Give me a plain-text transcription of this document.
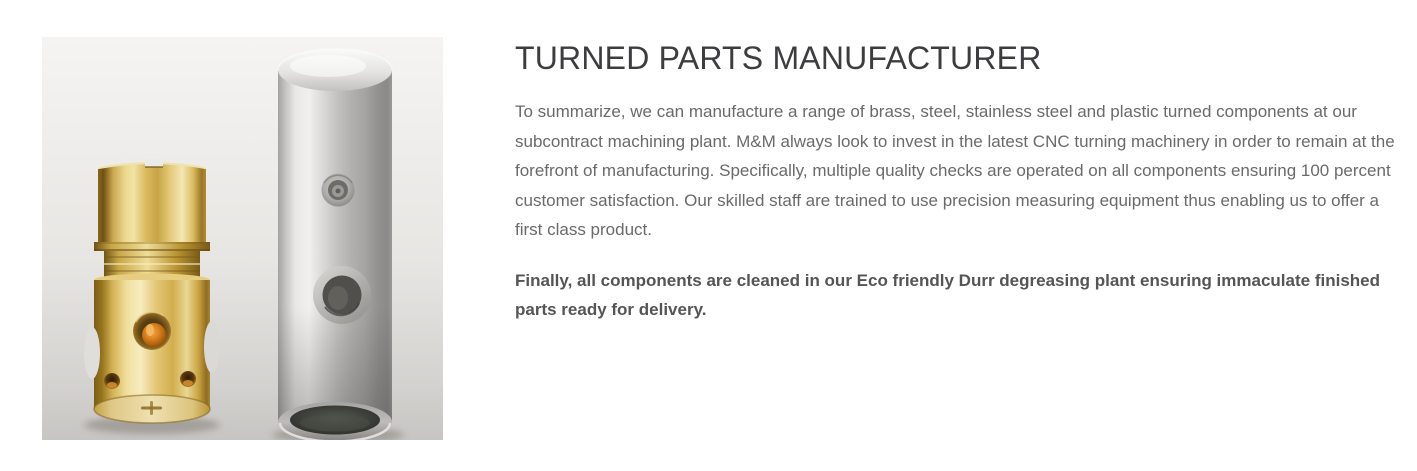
TURNED PARTS MANUFACTURER

To summarize, we can manufacture a range of brass, steel, stainless steel and plastic turned components at our subcontract machining plant. M&M always look to invest in the latest CNC turning machinery in order to remain at the forefront of manufacturing. Specifically, multiple quality checks are operated on all components ensuring 100 percent customer satisfaction. Our skilled staff are trained to use precision measuring equipment thus enabling us to offer a first class product.

Finally, all components are cleaned in our Eco friendly Durr degreasing plant ensuring immaculate finished parts ready for delivery.
